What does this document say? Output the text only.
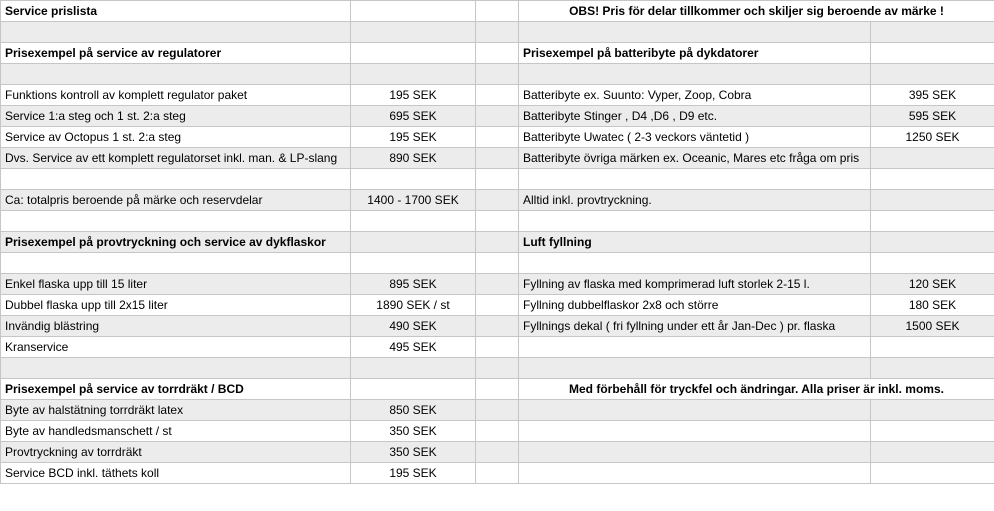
Service prislista			OBS! Pris för delar tillkommer och skiljer sig beroende av märke !	

Prisexempel på service av regulatorer			Prisexempel på batteribyte på dykdatorer	

Funktions kontroll av komplett regulator paket	195 SEK		Batteribyte ex. Suunto: Vyper, Zoop, Cobra	395 SEK
Service 1:a steg och 1 st. 2:a steg	695 SEK		Batteribyte Stinger , D4 ,D6 , D9 etc.	595 SEK
Service av Octopus 1 st. 2:a steg	195 SEK		Batteribyte Uwatec ( 2-3 veckors väntetid )	1250 SEK
Dvs. Service av ett komplett regulatorset inkl. man. & LP-slang	890 SEK		Batteribyte övriga märken ex. Oceanic, Mares etc fråga om pris	

Ca: totalpris beroende på märke och reservdelar	1400 - 1700 SEK		Alltid inkl. provtryckning.	

Prisexempel på provtryckning och service av dykflaskor			Luft fyllning	

Enkel flaska upp till 15 liter	895 SEK		Fyllning av flaska med komprimerad luft storlek 2-15 l.	120 SEK
Dubbel flaska upp till 2x15 liter	1890 SEK / st		Fyllning dubbelflaskor 2x8 och större	180 SEK
Invändig blästring	490 SEK		Fyllnings dekal ( fri fyllning under ett år Jan-Dec ) pr. flaska	1500 SEK
Kranservice	495 SEK			

Prisexempel på service av torrdräkt / BCD			Med förbehåll för tryckfel och ändringar. Alla priser är inkl. moms.	
Byte av halstätning torrdräkt latex	850 SEK			
Byte av handledsmanschett / st	350 SEK			
Provtryckning av torrdräkt	350 SEK			
Service BCD inkl. täthets koll	195 SEK			
